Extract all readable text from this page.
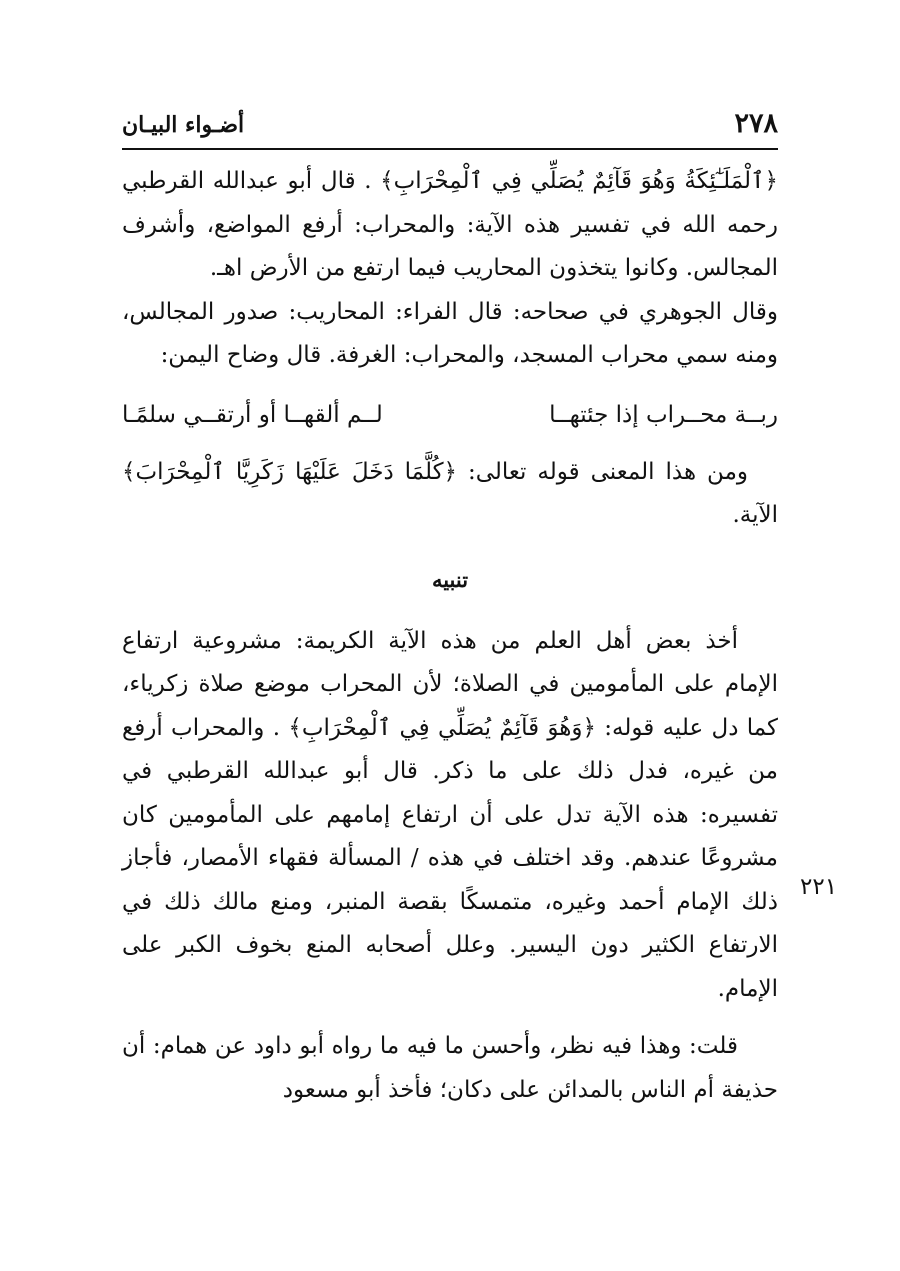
٢٧٨
أضـواء البيـان

﴿ٱلْمَلَـٰٓئِكَةُ وَهُوَ قَآئِمٌ يُصَلِّي فِي ٱلْمِحْرَابِ﴾ . قال أبو عبدالله القرطبي رحمه الله في تفسير هذه الآية: والمحراب: أرفع المواضع، وأشرف المجالس. وكانوا يتخذون المحاريب فيما ارتفع من الأرض اهـ.

وقال الجوهري في صحاحه: قال الفراء: المحاريب: صدور المجالس، ومنه سمي محراب المسجد، والمحراب: الغرفة. قال وضاح اليمن:

ربــة محــراب إذا جئتهــا
لــم ألقهــا أو أرتقــي سلمًـا

ومن هذا المعنى قوله تعالى: ﴿كُلَّمَا دَخَلَ عَلَيْهَا زَكَرِيَّا ٱلْمِحْرَابَ﴾ الآية.

تنبيه

أخذ بعض أهل العلم من هذه الآية الكريمة: مشروعية ارتفاع الإمام على المأمومين في الصلاة؛ لأن المحراب موضع صلاة زكرياء، كما دل عليه قوله: ﴿وَهُوَ قَآئِمٌ يُصَلِّي فِي ٱلْمِحْرَابِ﴾ . والمحراب أرفع من غيره، فدل ذلك على ما ذكر. قال أبو عبدالله القرطبي في تفسيره: هذه الآية تدل على أن ارتفاع إمامهم على المأمومين كان مشروعًا عندهم. وقد اختلف في هذه / المسألة فقهاء الأمصار، فأجاز ذلك الإمام أحمد وغيره، متمسكًا بقصة المنبر، ومنع مالك ذلك في الارتفاع الكثير دون اليسير. وعلل أصحابه المنع بخوف الكبر على الإمام.

قلت: وهذا فيه نظر، وأحسن ما فيه ما رواه أبو داود عن همام: أن حذيفة أم الناس بالمدائن على دكان؛ فأخذ أبو مسعود

٢٢١
